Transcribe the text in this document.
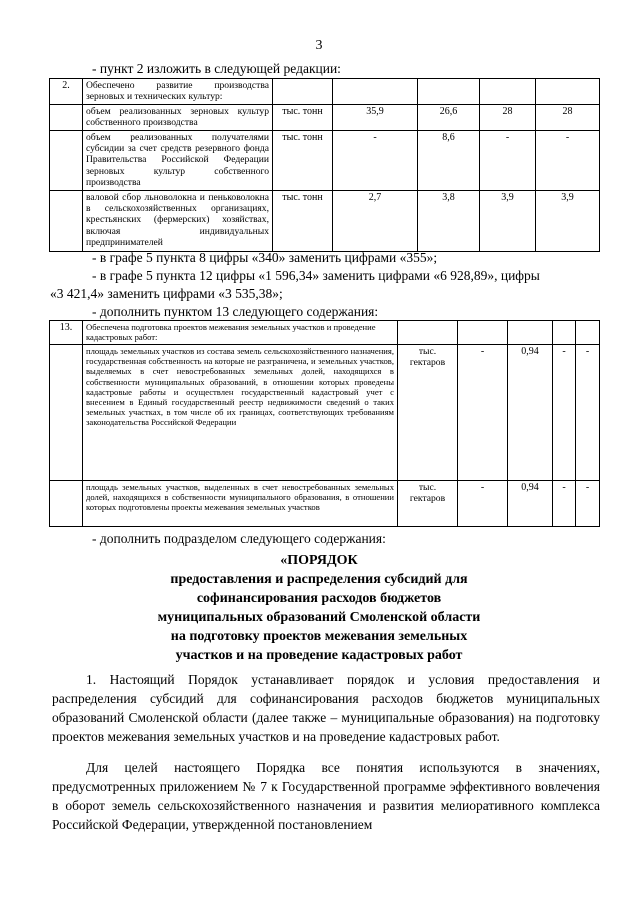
3
- пункт 2 изложить в следующей редакции:
2.	Обеспечено развитие производства зерновых и технических культур:					
	объем реализованных зерновых культур собственного производства	тыс. тонн	35,9	26,6	28	28
	объем реализованных получателями субсидии за счет средств резервного фонда Правительства Российской Федерации зерновых культур собственного производства	тыс. тонн	-	8,6	-	-
	валовой сбор льноволокна и пеньковолокна в сельскохозяйственных организациях, крестьянских (фермерских) хозяйствах, включая индивидуальных предпринимателей	тыс. тонн	2,7	3,8	3,9	3,9
- в графе 5 пункта 8 цифры «340» заменить цифрами «355»;
- в графе 5 пункта 12 цифры «1 596,34» заменить цифрами «6 928,89», цифры
«3 421,4» заменить цифрами «3 535,38»;
- дополнить пунктом 13 следующего содержания:
13.	Обеспечена подготовка проектов межевания земельных участков и проведение кадастровых работ:					
	площадь земельных участков из состава земель сельскохозяйственного назначения, государственная собственность на которые не разграничена, и земельных участков, выделяемых в счет невостребованных земельных долей, находящихся в собственности муниципальных образований, в отношении которых проведены кадастровые работы и осуществлен государственный кадастровый учет с внесением в Единый государственный реестр недвижимости сведений о таких земельных участках, в том числе об их границах, соответствующих требованиям законодательства Российской Федерации	тыс. гектаров	-	0,94	-	-
	площадь земельных участков, выделенных в счет невостребованных земельных долей, находящихся в собственности муниципального образования, в отношении которых подготовлены проекты межевания земельных участков	тыс. гектаров	-	0,94	-	-
- дополнить подразделом следующего содержания:
«ПОРЯДОК
предоставления и распределения субсидий для
софинансирования расходов бюджетов
муниципальных образований Смоленской области
на подготовку проектов межевания земельных
участков и на проведение кадастровых работ
1. Настоящий Порядок устанавливает порядок и условия предоставления и распределения субсидий для софинансирования расходов бюджетов муниципальных образований Смоленской области (далее также – муниципальные образования) на подготовку проектов межевания земельных участков и на проведение кадастровых работ.
Для целей настоящего Порядка все понятия используются в значениях, предусмотренных приложением № 7 к Государственной программе эффективного вовлечения в оборот земель сельскохозяйственного назначения и развития мелиоративного комплекса Российской Федерации, утвержденной постановлением
